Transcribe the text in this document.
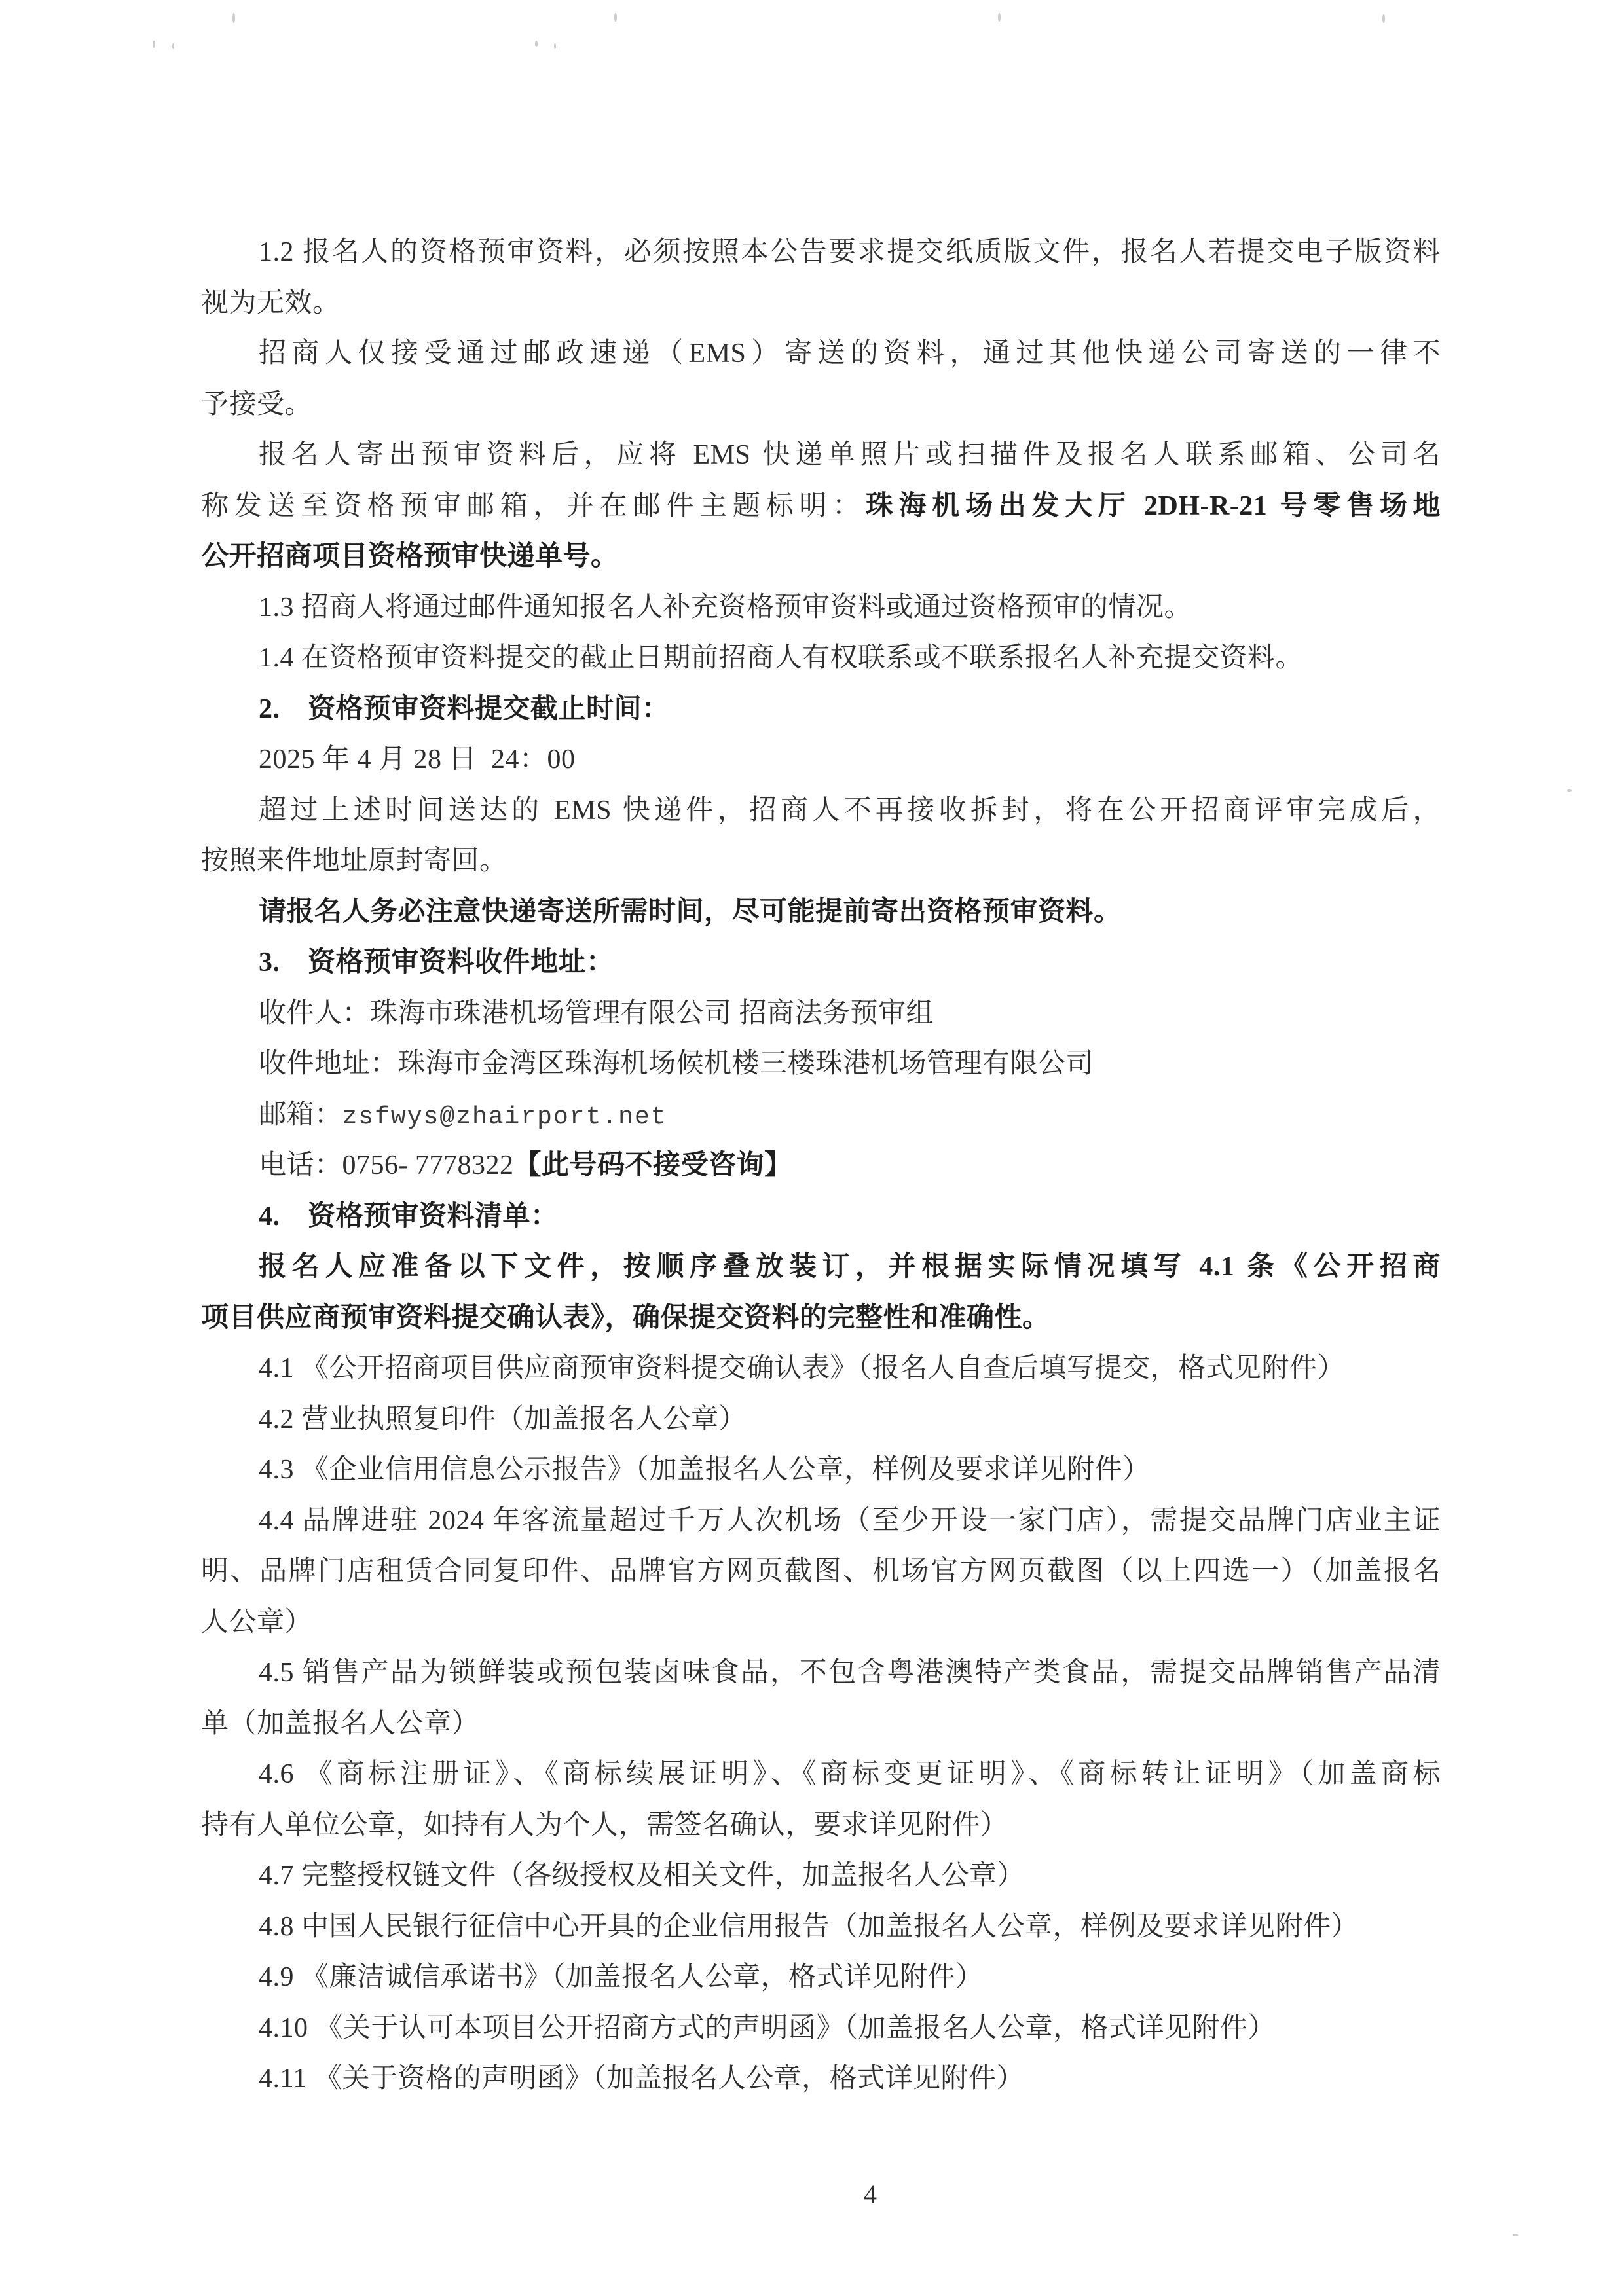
1.2 报名人的资格预审资料，必须按照本公告要求提交纸质版文件，报名人若提交电子版资料
视为无效。
招商人仅接受通过邮政速递（EMS）寄送的资料，通过其他快递公司寄送的一律不
予接受。
报名人寄出预审资料后，应将 EMS 快递单照片或扫描件及报名人联系邮箱、公司名
称发送至资格预审邮箱，并在邮件主题标明：珠海机场出发大厅 2DH-R-21 号零售场地
公开招商项目资格预审快递单号。
1.3 招商人将通过邮件通知报名人补充资格预审资料或通过资格预审的情况。
1.4 在资格预审资料提交的截止日期前招商人有权联系或不联系报名人补充提交资料。
2.　资格预审资料提交截止时间：
2025 年 4 月 28 日  24：00
超过上述时间送达的 EMS 快递件，招商人不再接收拆封，将在公开招商评审完成后，
按照来件地址原封寄回。
请报名人务必注意快递寄送所需时间，尽可能提前寄出资格预审资料。
3.　资格预审资料收件地址：
收件人：珠海市珠港机场管理有限公司 招商法务预审组
收件地址：珠海市金湾区珠海机场候机楼三楼珠港机场管理有限公司
邮箱：zsfwys@zhairport.net
电话：0756- 7778322【此号码不接受咨询】
4.　资格预审资料清单：
报名人应准备以下文件，按顺序叠放装订，并根据实际情况填写 4.1 条《公开招商
项目供应商预审资料提交确认表》，确保提交资料的完整性和准确性。
4.1 《公开招商项目供应商预审资料提交确认表》（报名人自查后填写提交，格式见附件）
4.2 营业执照复印件（加盖报名人公章）
4.3 《企业信用信息公示报告》（加盖报名人公章，样例及要求详见附件）
4.4 品牌进驻 2024 年客流量超过千万人次机场（至少开设一家门店），需提交品牌门店业主证
明、品牌门店租赁合同复印件、品牌官方网页截图、机场官方网页截图（以上四选一）（加盖报名
人公章）
4.5 销售产品为锁鲜装或预包装卤味食品，不包含粤港澳特产类食品，需提交品牌销售产品清
单（加盖报名人公章）
4.6 《商标注册证》、《商标续展证明》、《商标变更证明》、《商标转让证明》（加盖商标
持有人单位公章，如持有人为个人，需签名确认，要求详见附件）
4.7 完整授权链文件（各级授权及相关文件，加盖报名人公章）
4.8 中国人民银行征信中心开具的企业信用报告（加盖报名人公章，样例及要求详见附件）
4.9 《廉洁诚信承诺书》（加盖报名人公章，格式详见附件）
4.10 《关于认可本项目公开招商方式的声明函》（加盖报名人公章，格式详见附件）
4.11 《关于资格的声明函》（加盖报名人公章，格式详见附件）
4
